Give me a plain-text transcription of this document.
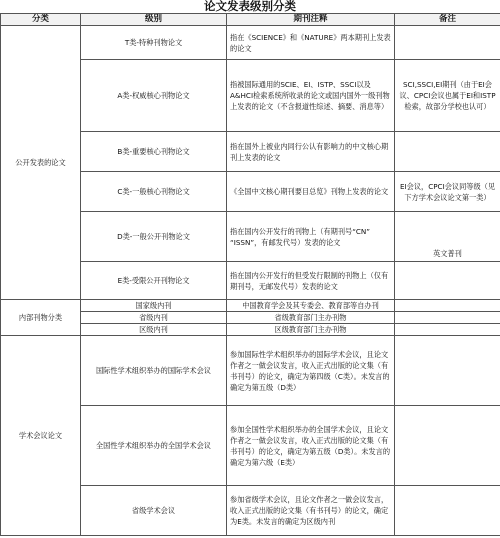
论文发表级别分类
分类	级别	期刊注释	备注
公开发表的论文	T类-特种刊物论文	指在《SCIENCE》和《NATURE》两本期刊上发表的论文	
	A类-权威核心刊物论文	指被国际通用的SCIE、EI、ISTP、SSCI以及A&HCI检索系统所收录的论文或国内国外一级刊物上发表的论文（不含报道性综述、摘要、消息等）	SCI,SSCI,EI期刊（由于EI会议、CPCI会议也属于EI和ISTP检索，故部分学校也认可）
	B类-重要核心刊物论文	指在国外上被业内同行公认有影响力的中文核心期刊上发表的论文	
	C类-一般核心刊物论文	《全国中文核心期刊要目总览》刊物上发表的论文	EI会议，CPCI会议同等级（见下方学术会议论文第一类）
	D类-一般公开刊物论文	指在国内公开发行的刊物上（有期刊号“CN” “ISSN”，有邮发代号）发表的论文	英文普刊
	E类-受限公开刊物论文	指在国内公开发行的但受发行限制的刊物上（仅有期刊号，无邮发代号）发表的论文	
内部刊物分类	国家级内刊	中国教育学会及其专委会、教育部等自办刊	
	省级内刊	省级教育部门主办刊物	
	区级内刊	区级教育部门主办刊物	
学术会议论文	国际性学术组织举办的国际学术会议	参加国际性学术组织举办的国际学术会议，且论文作者之一做会议发言，收入正式出版的论文集（有书刊号）的论文，确定为第四级（C类）。未发言的确定为第五级（D类）	
	全国性学术组织举办的全国学术会议	参加全国性学术组织举办的全国学术会议，且论文作者之一做会议发言，收入正式出版的论文集（有书刊号）的论文，确定为第五级（D类）。未发言的确定为第六级（E类）	
	省级学术会议	参加省级学术会议，且论文作者之一做会议发言，收入正式出版的论文集（有书刊号）的论文，确定为E类。未发言的确定为区级内刊	
